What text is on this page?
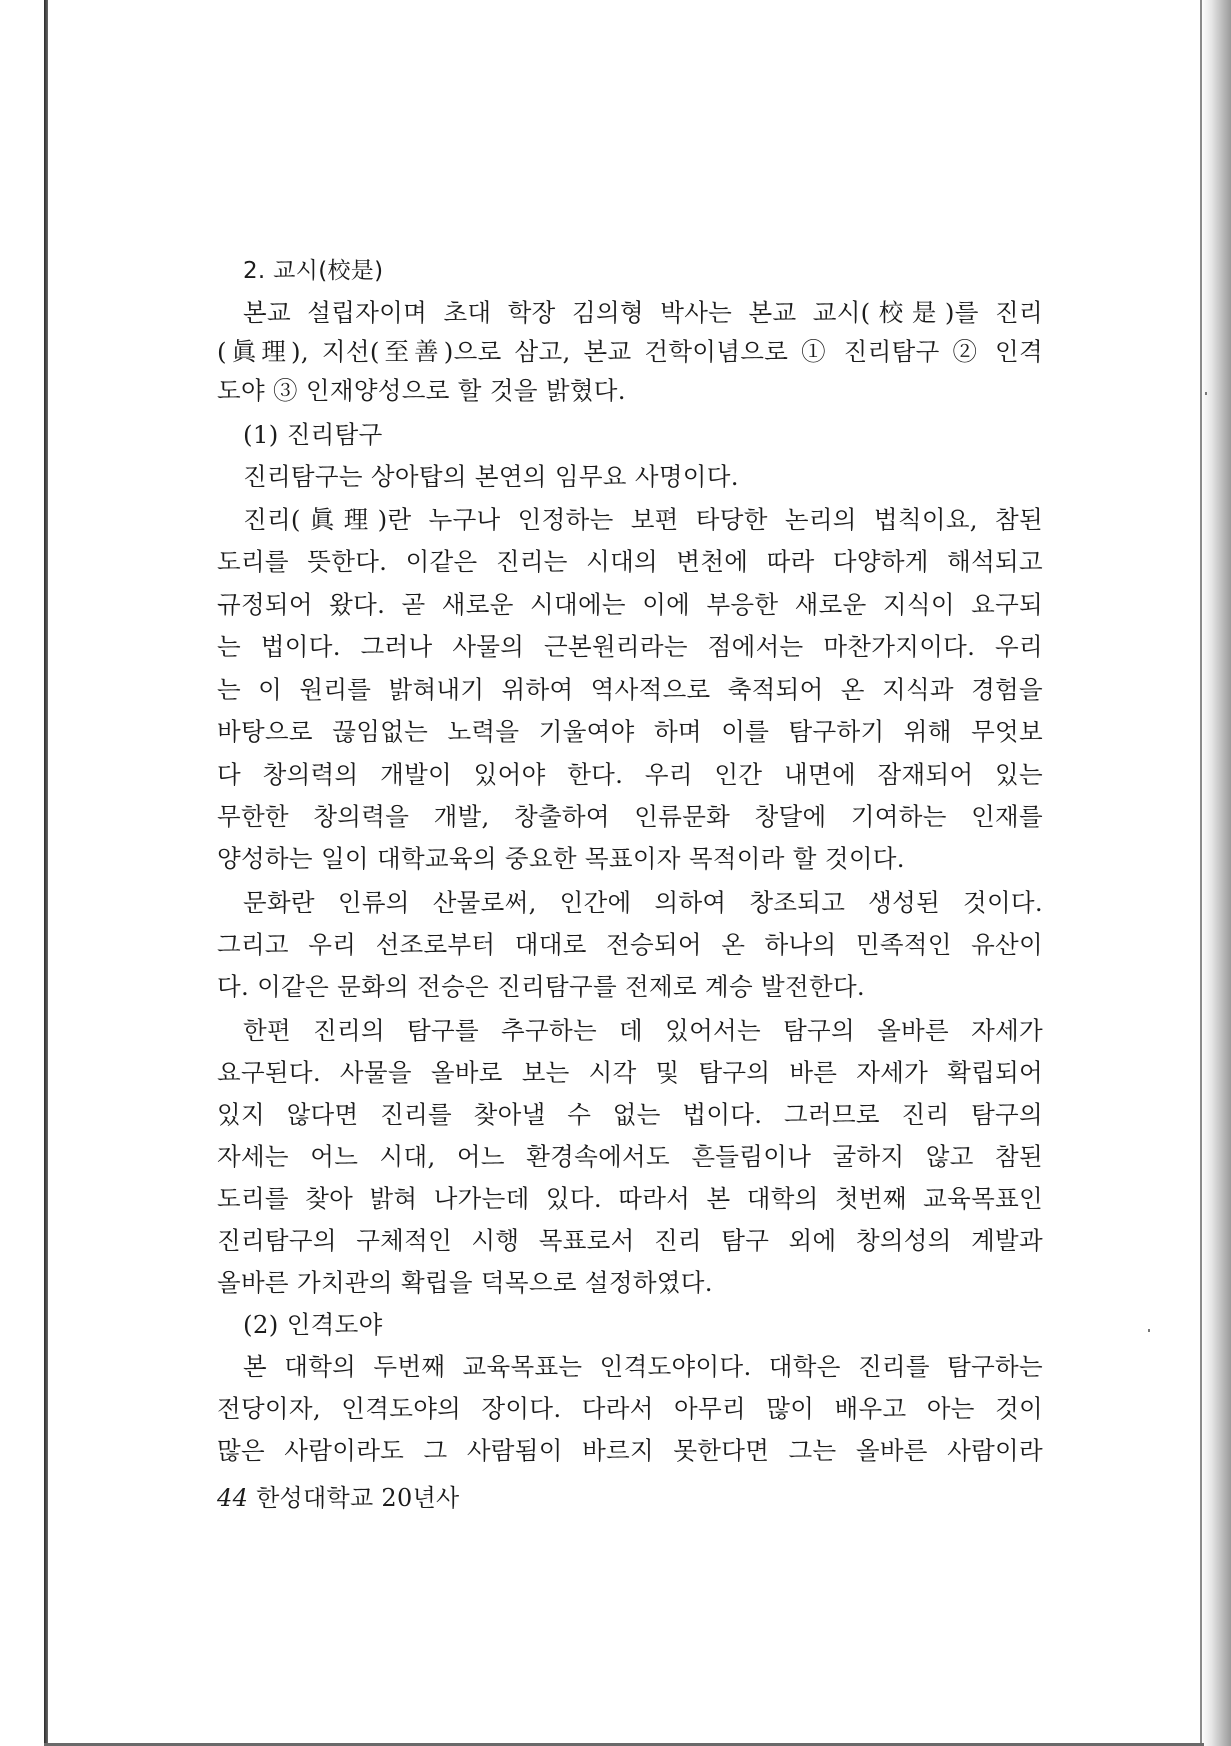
2. 교시(校是)
본교 설립자이며 초대 학장 김의형 박사는 본교 교시(校是)를 진리
(眞理), 지선(至善)으로 삼고, 본교 건학이념으로 ① 진리탐구 ② 인격
도야 ③ 인재양성으로 할 것을 밝혔다.
(1) 진리탐구
진리탐구는 상아탑의 본연의 임무요 사명이다.
진리(眞理)란 누구나 인정하는 보편 타당한 논리의 법칙이요, 참된
도리를 뜻한다. 이같은 진리는 시대의 변천에 따라 다양하게 해석되고
규정되어 왔다. 곧 새로운 시대에는 이에 부응한 새로운 지식이 요구되
는 법이다. 그러나 사물의 근본원리라는 점에서는 마찬가지이다. 우리
는 이 원리를 밝혀내기 위하여 역사적으로 축적되어 온 지식과 경험을
바탕으로 끊임없는 노력을 기울여야 하며 이를 탐구하기 위해 무엇보
다 창의력의 개발이 있어야 한다. 우리 인간 내면에 잠재되어 있는
무한한 창의력을 개발, 창출하여 인류문화 창달에 기여하는 인재를
양성하는 일이 대학교육의 중요한 목표이자 목적이라 할 것이다.
문화란 인류의 산물로써, 인간에 의하여 창조되고 생성된 것이다.
그리고 우리 선조로부터 대대로 전승되어 온 하나의 민족적인 유산이
다. 이같은 문화의 전승은 진리탐구를 전제로 계승 발전한다.
한편 진리의 탐구를 추구하는 데 있어서는 탐구의 올바른 자세가
요구된다. 사물을 올바로 보는 시각 및 탐구의 바른 자세가 확립되어
있지 않다면 진리를 찾아낼 수 없는 법이다. 그러므로 진리 탐구의
자세는 어느 시대, 어느 환경속에서도 흔들림이나 굴하지 않고 참된
도리를 찾아 밝혀 나가는데 있다. 따라서 본 대학의 첫번째 교육목표인
진리탐구의 구체적인 시행 목표로서 진리 탐구 외에 창의성의 계발과
올바른 가치관의 확립을 덕목으로 설정하였다.
(2) 인격도야
본 대학의 두번째 교육목표는 인격도야이다. 대학은 진리를 탐구하는
전당이자, 인격도야의 장이다. 다라서 아무리 많이 배우고 아는 것이
많은 사람이라도 그 사람됨이 바르지 못한다면 그는 올바른 사람이라
44 한성대학교 20년사
